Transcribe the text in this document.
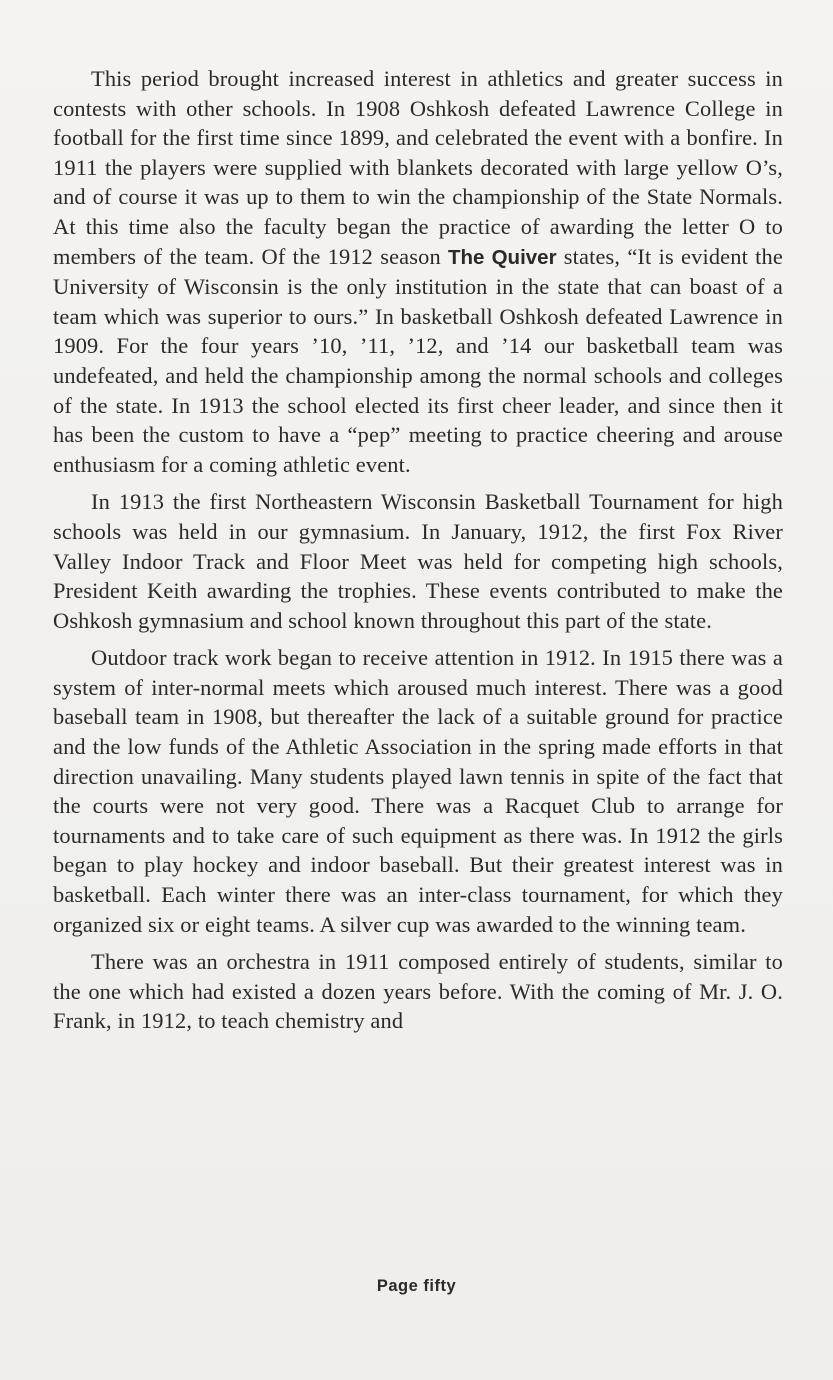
This period brought increased interest in athletics and greater success in contests with other schools. In 1908 Oshkosh defeated Lawrence College in football for the first time since 1899, and celebrated the event with a bonfire. In 1911 the players were supplied with blankets decorated with large yellow O’s, and of course it was up to them to win the championship of the State Normals. At this time also the faculty began the practice of awarding the letter O to members of the team. Of the 1912 season The Quiver states, “It is evident the University of Wisconsin is the only institution in the state that can boast of a team which was superior to ours.” In basketball Oshkosh defeated Lawrence in 1909. For the four years ’10, ’11, ’12, and ’14 our basketball team was undefeated, and held the championship among the normal schools and colleges of the state. In 1913 the school elected its first cheer leader, and since then it has been the custom to have a “pep” meeting to practice cheering and arouse enthusiasm for a coming athletic event.

In 1913 the first Northeastern Wisconsin Basketball Tournament for high schools was held in our gymnasium. In January, 1912, the first Fox River Valley Indoor Track and Floor Meet was held for competing high schools, President Keith awarding the trophies. These events contributed to make the Oshkosh gymnasium and school known throughout this part of the state.

Outdoor track work began to receive attention in 1912. In 1915 there was a system of inter-normal meets which aroused much interest. There was a good baseball team in 1908, but thereafter the lack of a suitable ground for practice and the low funds of the Athletic Association in the spring made efforts in that direction unavailing. Many students played lawn tennis in spite of the fact that the courts were not very good. There was a Racquet Club to arrange for tournaments and to take care of such equipment as there was. In 1912 the girls began to play hockey and indoor baseball. But their greatest interest was in basketball. Each winter there was an inter-class tournament, for which they organized six or eight teams. A silver cup was awarded to the winning team.

There was an orchestra in 1911 composed entirely of students, similar to the one which had existed a dozen years before. With the coming of Mr. J. O. Frank, in 1912, to teach chemistry and

Page fifty
